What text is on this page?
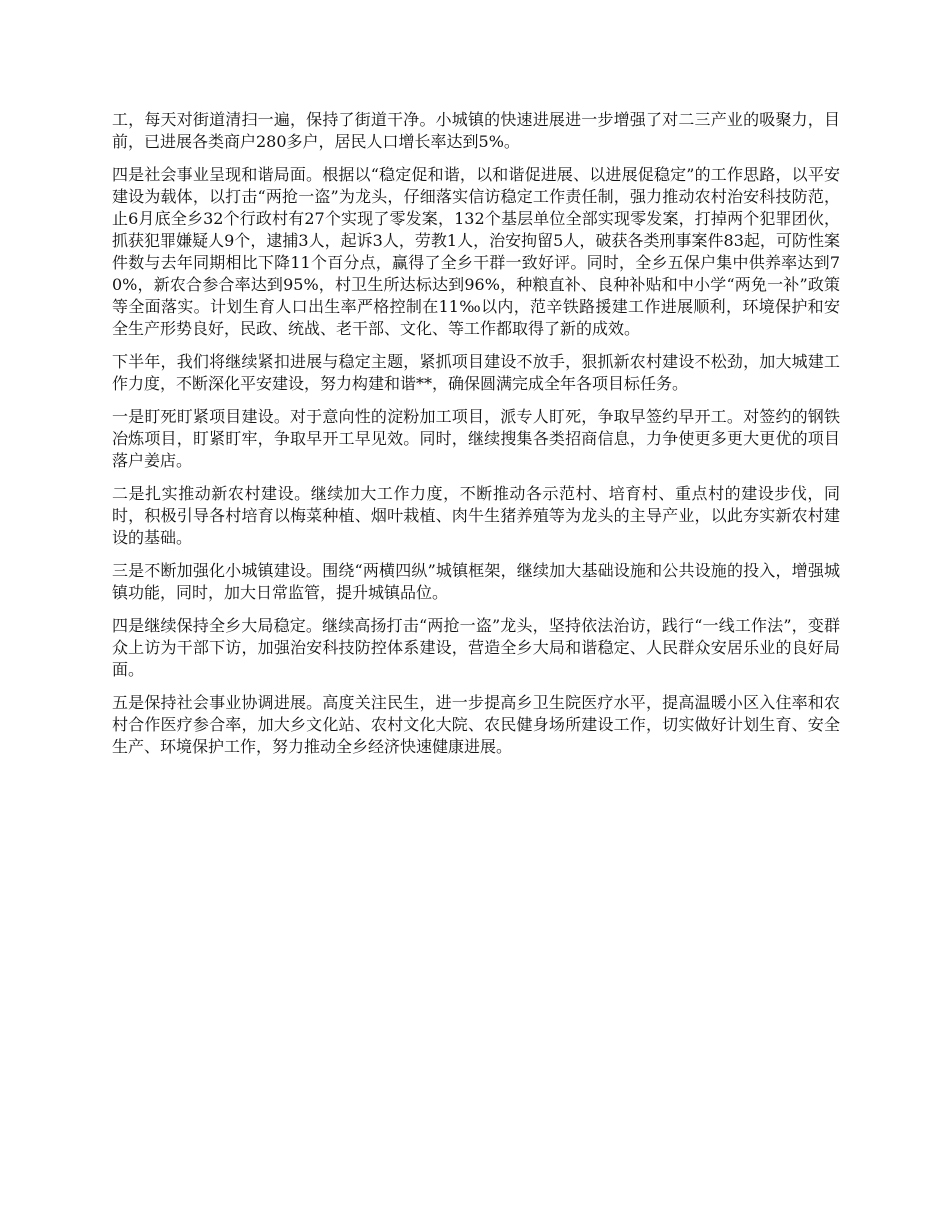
工，每天对街道清扫一遍，保持了街道干净。小城镇的快速进展进一步增强了对二三产业的吸聚力，目前，已进展各类商户280多户，居民人口增长率达到5%。

四是社会事业呈现和谐局面。根据以“稳定促和谐，以和谐促进展、以进展促稳定”的工作思路，以平安建设为载体，以打击“两抢一盗”为龙头，仔细落实信访稳定工作责任制，强力推动农村治安科技防范，止6月底全乡32个行政村有27个实现了零发案，132个基层单位全部实现零发案，打掉两个犯罪团伙，抓获犯罪嫌疑人9个，逮捕3人，起诉3人，劳教1人，治安拘留5人，破获各类刑事案件83起，可防性案件数与去年同期相比下降11个百分点，赢得了全乡干群一致好评。同时，全乡五保户集中供养率达到70%，新农合参合率达到95%，村卫生所达标达到96%，种粮直补、良种补贴和中小学“两免一补”政策等全面落实。计划生育人口出生率严格控制在11‰以内，范辛铁路援建工作进展顺利，环境保护和安全生产形势良好，民政、统战、老干部、文化、等工作都取得了新的成效。

下半年，我们将继续紧扣进展与稳定主题，紧抓项目建设不放手，狠抓新农村建设不松劲，加大城建工作力度，不断深化平安建设，努力构建和谐**，确保圆满完成全年各项目标任务。

一是盯死盯紧项目建设。对于意向性的淀粉加工项目，派专人盯死，争取早签约早开工。对签约的钢铁冶炼项目，盯紧盯牢，争取早开工早见效。同时，继续搜集各类招商信息，力争使更多更大更优的项目落户姜店。

二是扎实推动新农村建设。继续加大工作力度，不断推动各示范村、培育村、重点村的建设步伐，同时，积极引导各村培育以梅菜种植、烟叶栽植、肉牛生猪养殖等为龙头的主导产业，以此夯实新农村建设的基础。

三是不断加强化小城镇建设。围绕“两横四纵”城镇框架，继续加大基础设施和公共设施的投入，增强城镇功能，同时，加大日常监管，提升城镇品位。

四是继续保持全乡大局稳定。继续高扬打击“两抢一盗”龙头，坚持依法治访，践行“一线工作法”，变群众上访为干部下访，加强治安科技防控体系建设，营造全乡大局和谐稳定、人民群众安居乐业的良好局面。

五是保持社会事业协调进展。高度关注民生，进一步提高乡卫生院医疗水平，提高温暖小区入住率和农村合作医疗参合率，加大乡文化站、农村文化大院、农民健身场所建设工作，切实做好计划生育、安全生产、环境保护工作，努力推动全乡经济快速健康进展。
